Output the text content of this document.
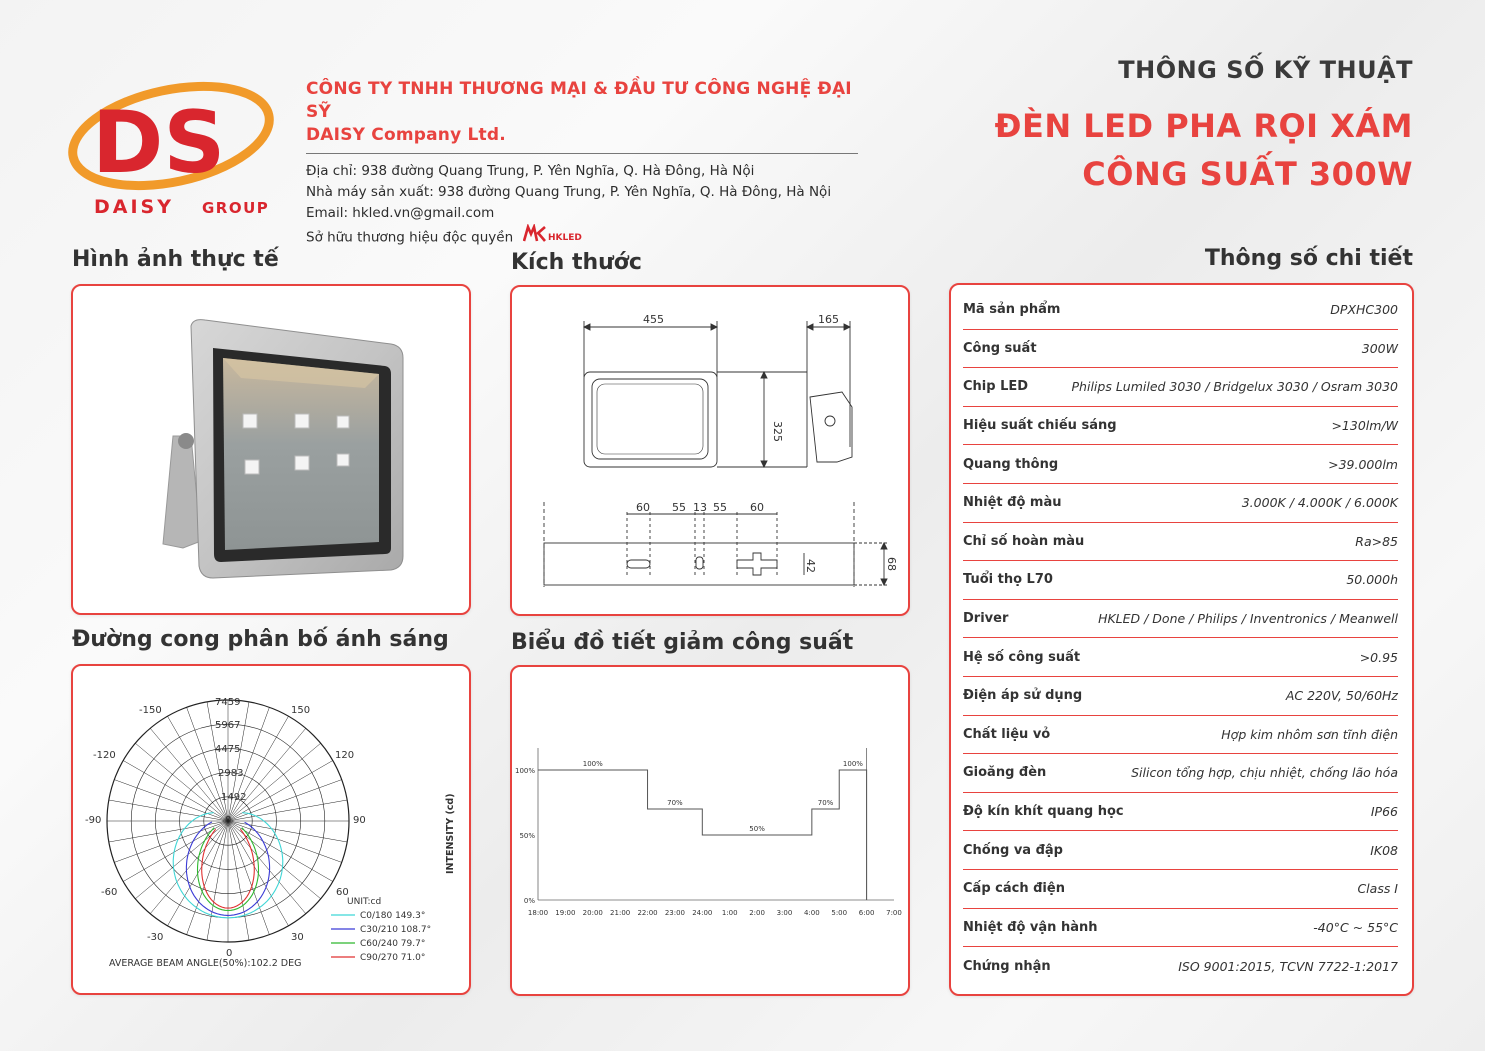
DS
DAISY GROUP
CÔNG TY TNHH THƯƠNG MẠI & ĐẦU TƯ CÔNG NGHỆ ĐẠI SỸ
DAISY Company Ltd.
Địa chỉ: 938 đường Quang Trung, P. Yên Nghĩa, Q. Hà Đông, Hà Nội
Nhà máy sản xuất: 938 đường Quang Trung, P. Yên Nghĩa, Q. Hà Đông, Hà Nội
Email: hkled.vn@gmail.com
Sở hữu thương hiệu độc quyền	HKLED
THÔNG SỐ KỸ THUẬT
ĐÈN LED PHA RỌI XÁM
CÔNG SUẤT 300W
Hình ảnh thực tế	Kích thước	Thông số chi tiết
Đường cong phân bố ánh sáng	Biểu đồ tiết giảm công suất
455	165
325
60 55 13 55 60
42	68
Mã sản phẩm	DPXHC300
Công suất	300W
Chip LED	Philips Lumiled 3030 / Bridgelux 3030 / Osram 3030
Hiệu suất chiếu sáng	>130lm/W
Quang thông	>39.000lm
Nhiệt độ màu	3.000K / 4.000K / 6.000K
Chỉ số hoàn màu	Ra>85
Tuổi thọ L70	50.000h
Driver	HKLED / Done / Philips / Inventronics / Meanwell
Hệ số công suất	>0.95
Điện áp sử dụng	AC 220V, 50/60Hz
Chất liệu vỏ	Hợp kim nhôm sơn tĩnh điện
Gioăng đèn	Silicon tổng hợp, chịu nhiệt, chống lão hóa
Độ kín khít quang học	IP66
Chống va đập	IK08
Cấp cách điện	Class I
Nhiệt độ vận hành	-40°C ~ 55°C
Chứng nhận	ISO 9001:2015, TCVN 7722-1:2017
-150	150
-120	120
-90	90
-60	60
-30	30
0
7459
5967
4475
2983
1492
0
UNIT:cd
AVERAGE BEAM ANGLE(50%):102.2 DEG
INTENSITY (cd)
C0/180 149.3°
C30/210 108.7°
C60/240 79.7°
C90/270 71.0°
18:00 19:00 20:00 21:00 22:00 23:00 24:00 1:00 2:00 3:00 4:00 5:00 6:00 7:00
0%
50%
100%
100%
70%
50%
70%
100%
